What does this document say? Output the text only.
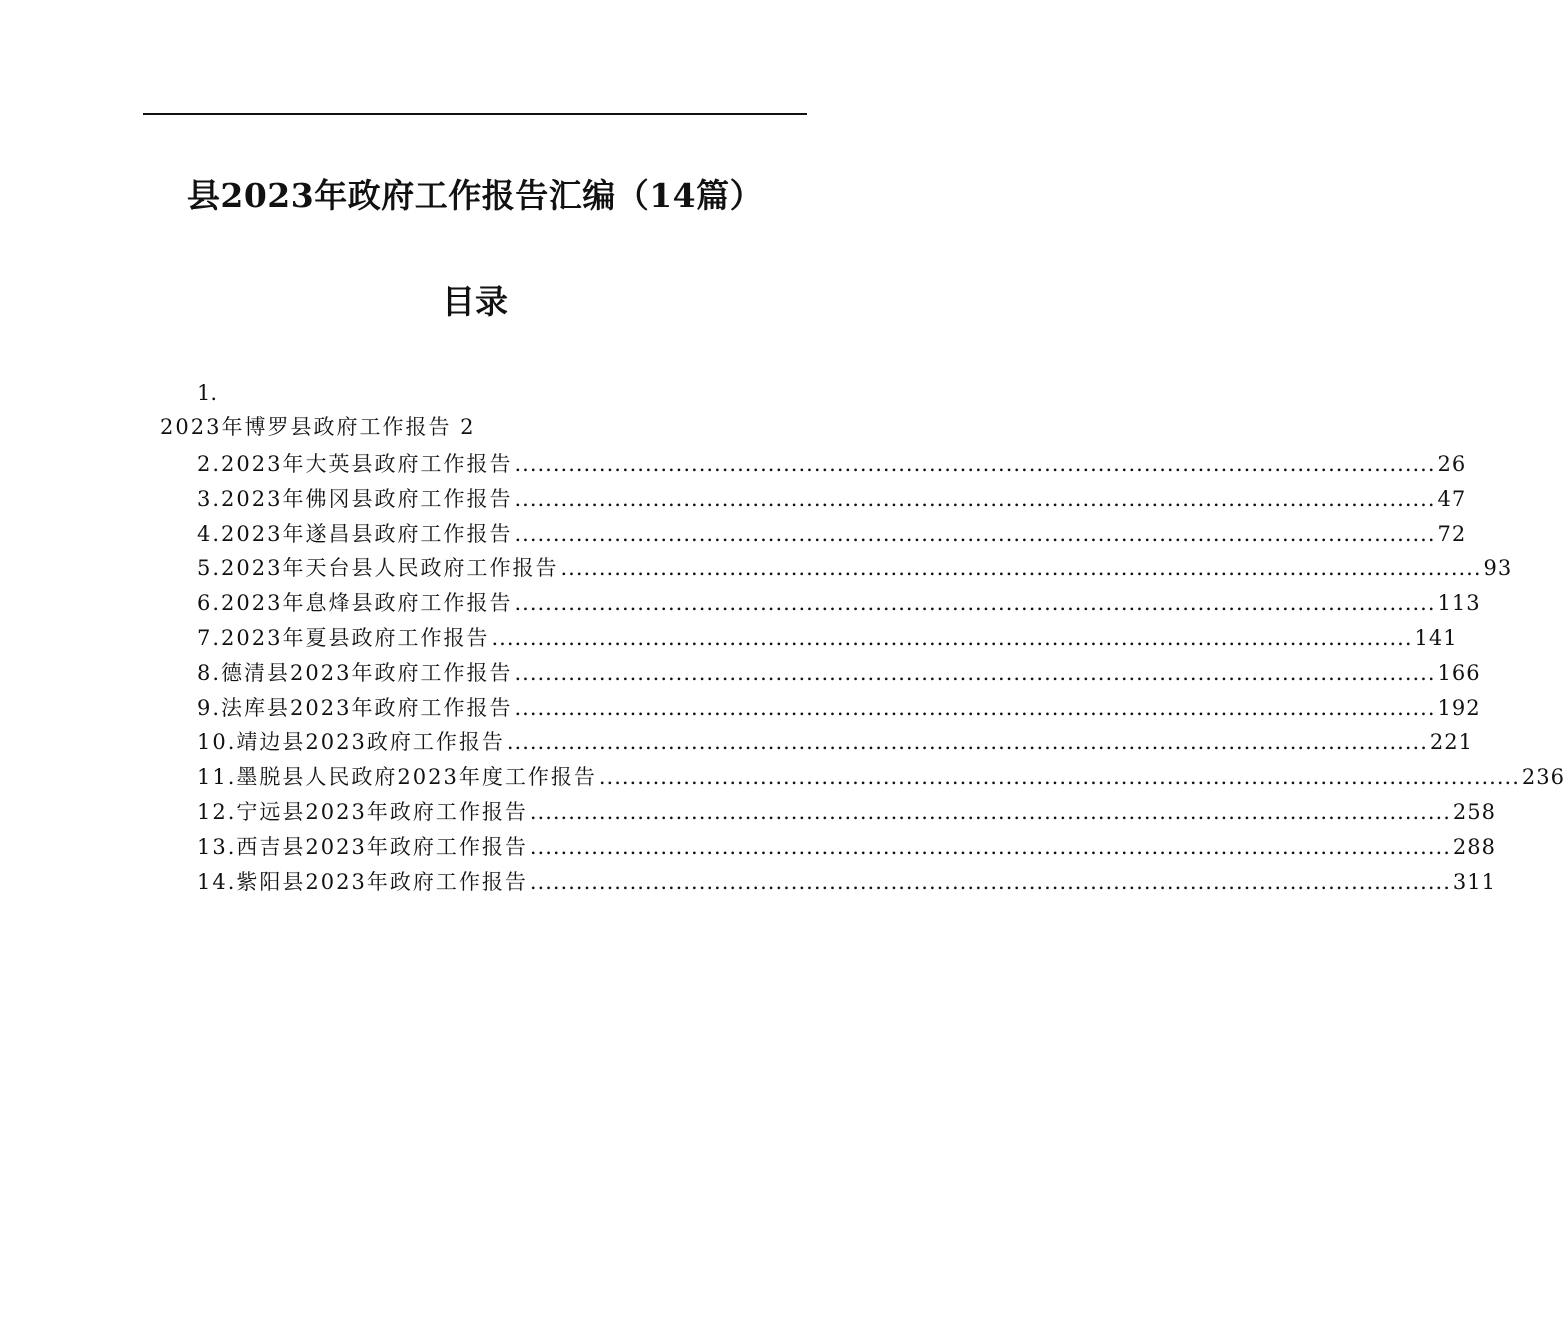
县2023年政府工作报告汇编（14篇）
目录
1.
2023年博罗县政府工作报告 2
2.2023年大英县政府工作报告 ........................................................................................................................ 26
3.2023年佛冈县政府工作报告 ........................................................................................................................ 47
4.2023年遂昌县政府工作报告 ........................................................................................................................ 72
5.2023年天台县人民政府工作报告 ........................................................................................................................ 93
6.2023年息烽县政府工作报告 ........................................................................................................................ 113
7.2023年夏县政府工作报告 ........................................................................................................................ 141
8.德清县2023年政府工作报告 ........................................................................................................................ 166
9.法库县2023年政府工作报告 ........................................................................................................................ 192
10.靖边县2023政府工作报告 ........................................................................................................................ 221
11.墨脱县人民政府2023年度工作报告 ........................................................................................................................ 236
12.宁远县2023年政府工作报告 ........................................................................................................................ 258
13.西吉县2023年政府工作报告 ........................................................................................................................ 288
14.紫阳县2023年政府工作报告 ........................................................................................................................ 311
